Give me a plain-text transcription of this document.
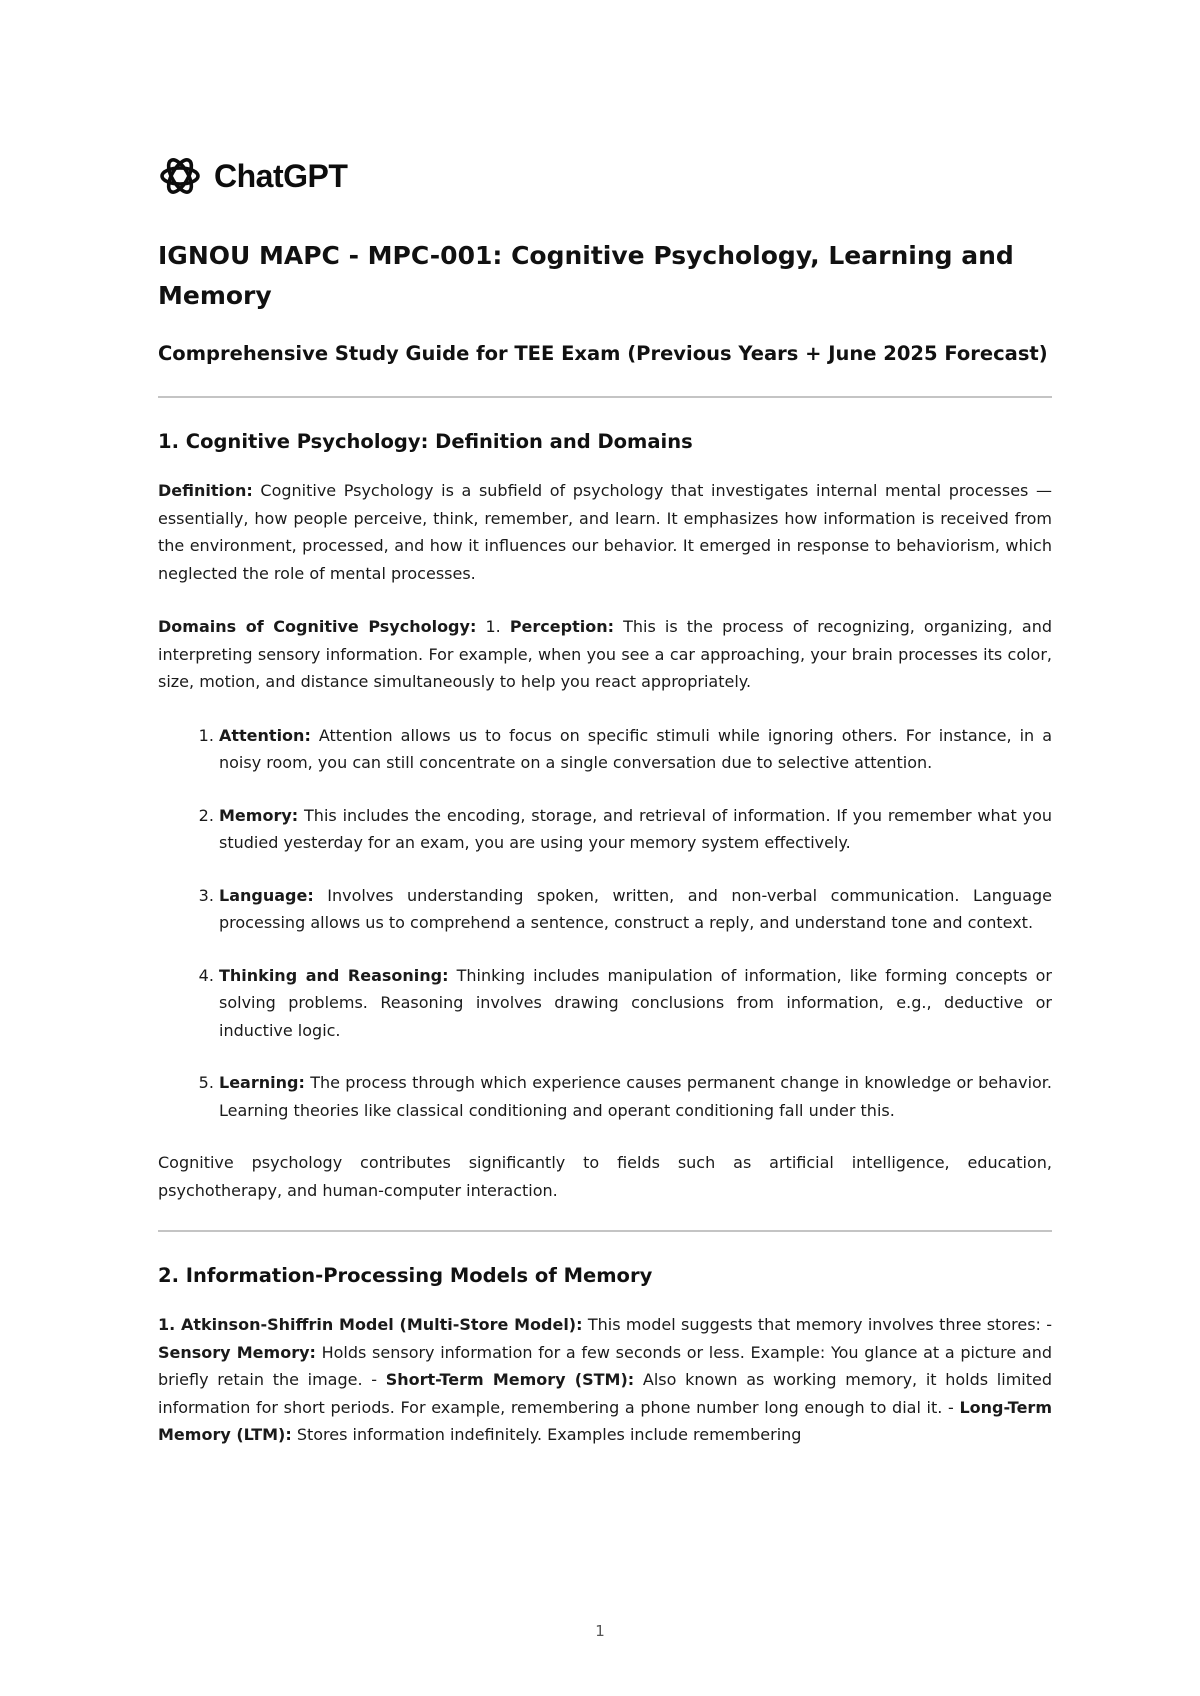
ChatGPT
IGNOU MAPC - MPC-001: Cognitive Psychology, Learning and Memory
Comprehensive Study Guide for TEE Exam (Previous Years + June 2025 Forecast)
1. Cognitive Psychology: Definition and Domains

Definition: Cognitive Psychology is a subfield of psychology that investigates internal mental processes —essentially, how people perceive, think, remember, and learn. It emphasizes how information is received from the environment, processed, and how it influences our behavior. It emerged in response to behaviorism, which neglected the role of mental processes.

Domains of Cognitive Psychology: 1. Perception: This is the process of recognizing, organizing, and interpreting sensory information. For example, when you see a car approaching, your brain processes its color, size, motion, and distance simultaneously to help you react appropriately.

1. Attention: Attention allows us to focus on specific stimuli while ignoring others. For instance, in a noisy room, you can still concentrate on a single conversation due to selective attention.
2. Memory: This includes the encoding, storage, and retrieval of information. If you remember what you studied yesterday for an exam, you are using your memory system effectively.
3. Language: Involves understanding spoken, written, and non-verbal communication. Language processing allows us to comprehend a sentence, construct a reply, and understand tone and context.
4. Thinking and Reasoning: Thinking includes manipulation of information, like forming concepts or solving problems. Reasoning involves drawing conclusions from information, e.g., deductive or inductive logic.
5. Learning: The process through which experience causes permanent change in knowledge or behavior. Learning theories like classical conditioning and operant conditioning fall under this.

Cognitive psychology contributes significantly to fields such as artificial intelligence, education, psychotherapy, and human-computer interaction.

2. Information-Processing Models of Memory

1. Atkinson-Shiffrin Model (Multi-Store Model): This model suggests that memory involves three stores: - Sensory Memory: Holds sensory information for a few seconds or less. Example: You glance at a picture and briefly retain the image. - Short-Term Memory (STM): Also known as working memory, it holds limited information for short periods. For example, remembering a phone number long enough to dial it. - Long-Term Memory (LTM): Stores information indefinitely. Examples include remembering

1
